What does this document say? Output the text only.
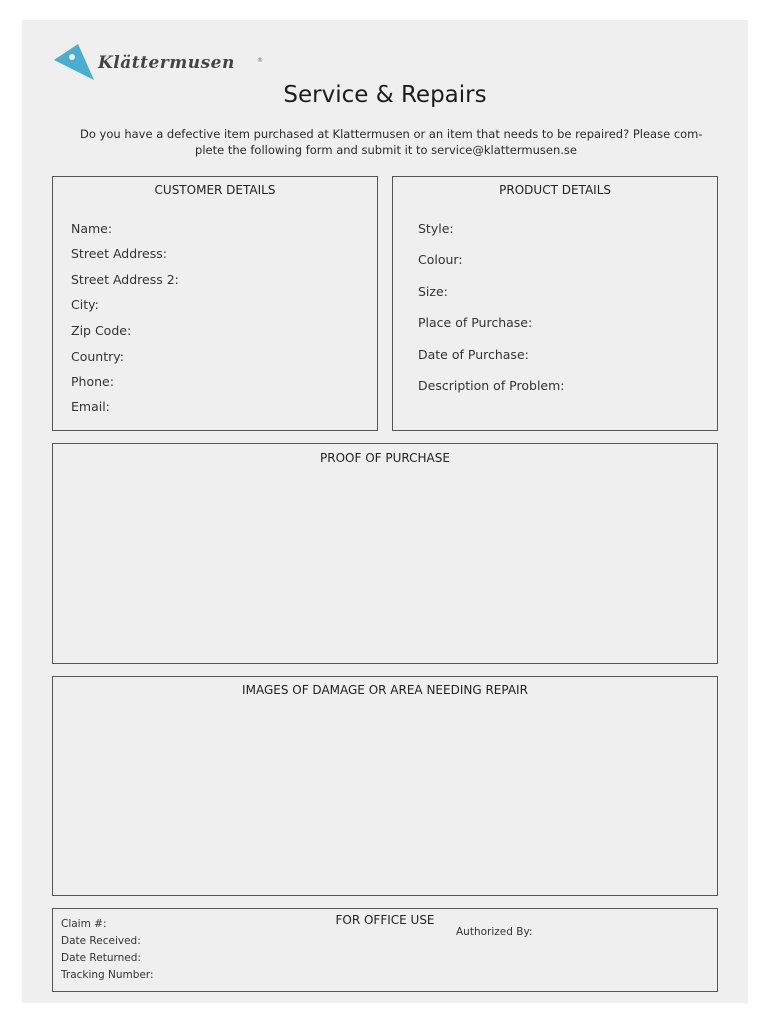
Klättermusen	®
Service & Repairs
Do you have a defective item purchased at Klattermusen or an item that needs to be repaired? Please com-
plete the following form and submit it to service@klattermusen.se
CUSTOMER DETAILS
Name:
Street Address:
Street Address 2:
City:
Zip Code:
Country:
Phone:
Email:
PRODUCT DETAILS
Style:
Colour:
Size:
Place of Purchase:
Date of Purchase:
Description of Problem:
PROOF OF PURCHASE
IMAGES OF DAMAGE OR AREA NEEDING REPAIR
FOR OFFICE USE
Claim #:
Date Received:
Date Returned:
Tracking Number:
Authorized By:
